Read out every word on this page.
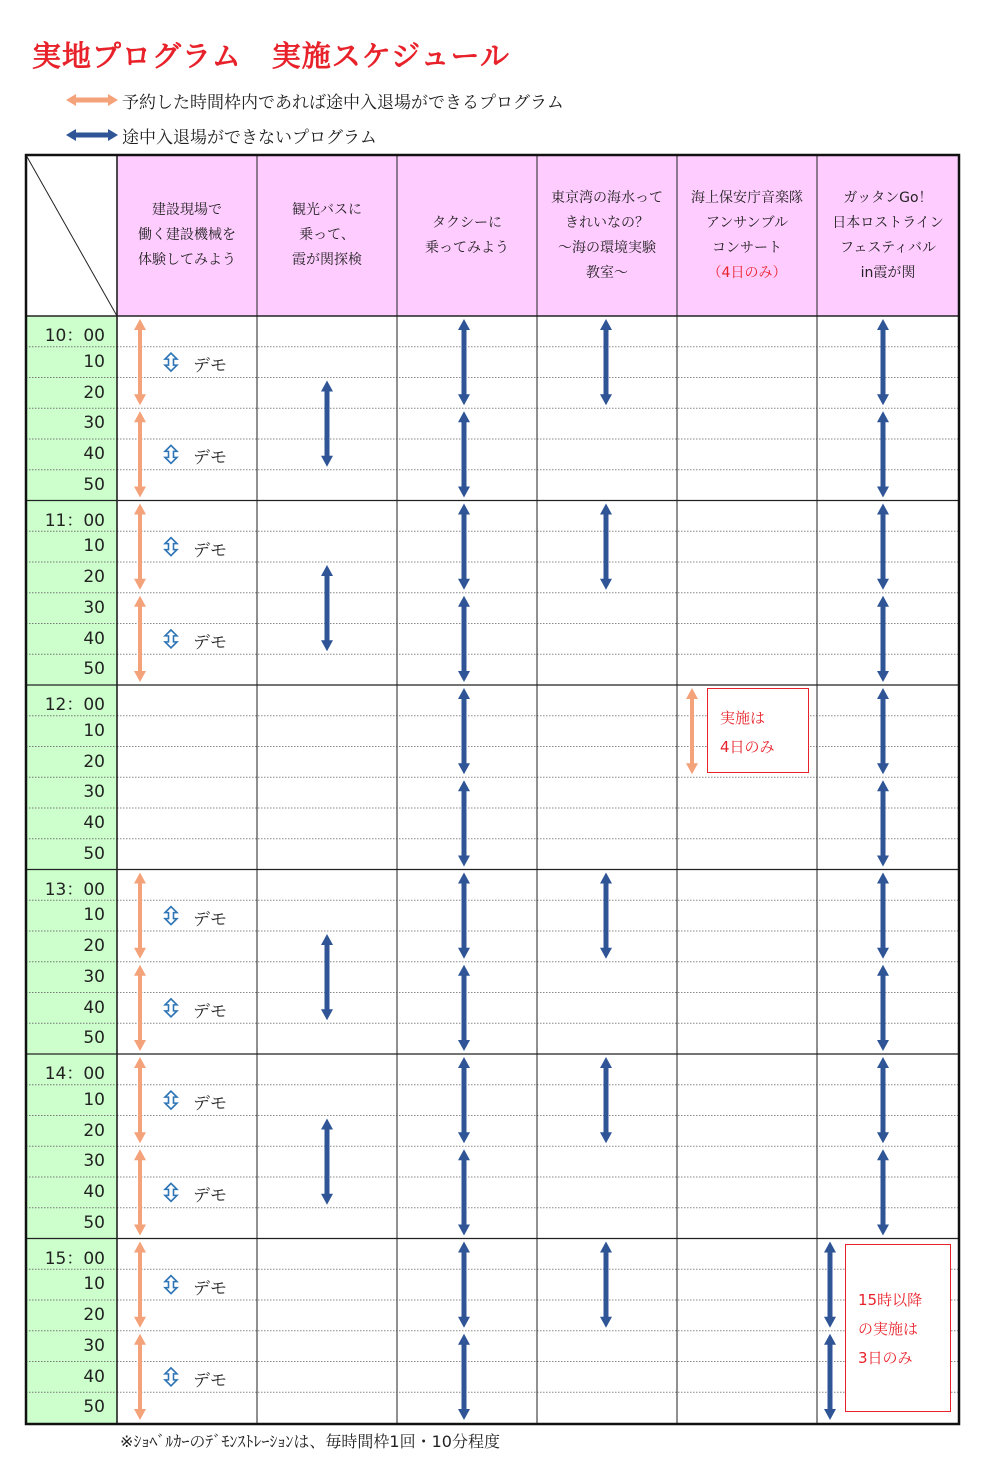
実地プログラム　実施スケジュール
予約した時間枠内であれば途中入退場ができるプログラム
途中入退場ができないプログラム
建設現場で
働く建設機械を
体験してみよう
観光バスに
乗って、
霞が関探検
タクシーに
乗ってみよう
東京湾の海水って
きれいなの？
～海の環境実験
教室～
海上保安庁音楽隊
アンサンブル
コンサート
（4日のみ）
ガッタンGo！
日本ロストライン
フェスティバル
in霞が関
10：00
10
20
30
40
50
11：00
10
20
30
40
50
12：00
10
20
30
40
50
13：00
10
20
30
40
50
14：00
10
20
30
40
50
15：00
10
20
30
40
50
デモ
デモ
デモ
デモ
デモ
デモ
デモ
デモ
デモ
デモ
実施は
4日のみ
15時以降
の実施は
3日のみ
※ｼｮﾍﾞﾙｶｰのﾃﾞﾓﾝｽﾄﾚｰｼｮﾝは、毎時間枠1回・10分程度
